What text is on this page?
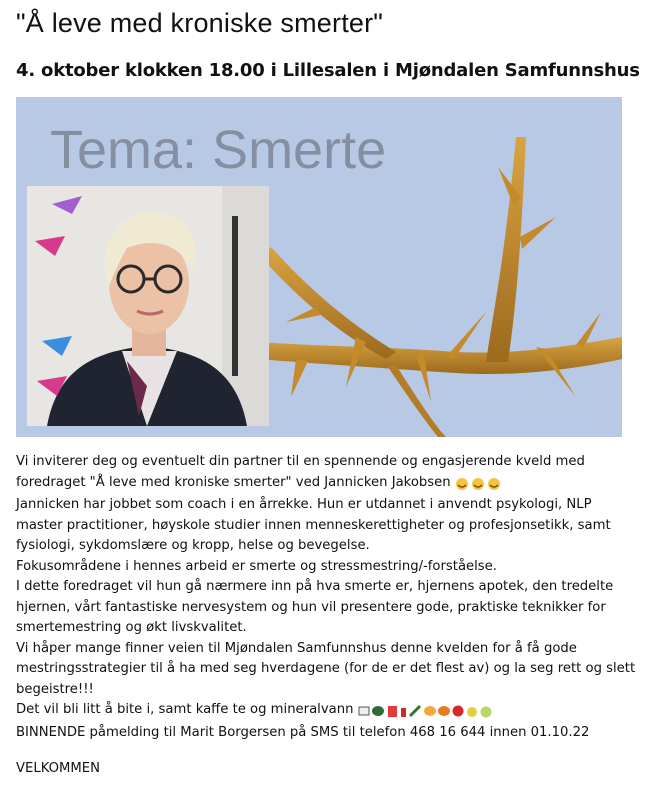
"Å leve med kroniske smerter"
4. oktober klokken 18.00 i Lillesalen i Mjøndalen Samfunnshus
Tema: Smerte

Vi inviterer deg og eventuelt din partner til en spennende og engasjerende kveld med foredraget "Å leve med kroniske smerter" ved Jannicken Jakobsen

Jannicken har jobbet som coach i en årrekke. Hun er utdannet i anvendt psykologi, NLP master practitioner, høyskole studier innen menneskerettigheter og profesjonsetikk, samt fysiologi, sykdomslære og kropp, helse og bevegelse.

Fokusområdene i hennes arbeid er smerte og stressmestring/-forståelse.

I dette foredraget vil hun gå nærmere inn på hva smerte er, hjernens apotek, den tredelte hjernen, vårt fantastiske nervesystem og hun vil presentere gode, praktiske teknikker for smertemestring og økt livskvalitet.

Vi håper mange finner veien til Mjøndalen Samfunnshus denne kvelden for å få gode mestringsstrategier til å ha med seg hverdagene (for de er det flest av) og la seg rett og slett begeistre!!!

Det vil bli litt å bite i, samt kaffe te og mineralvann

BINNENDE påmelding til Marit Borgersen på SMS til telefon 468 16 644 innen 01.10.22

VELKOMMEN
